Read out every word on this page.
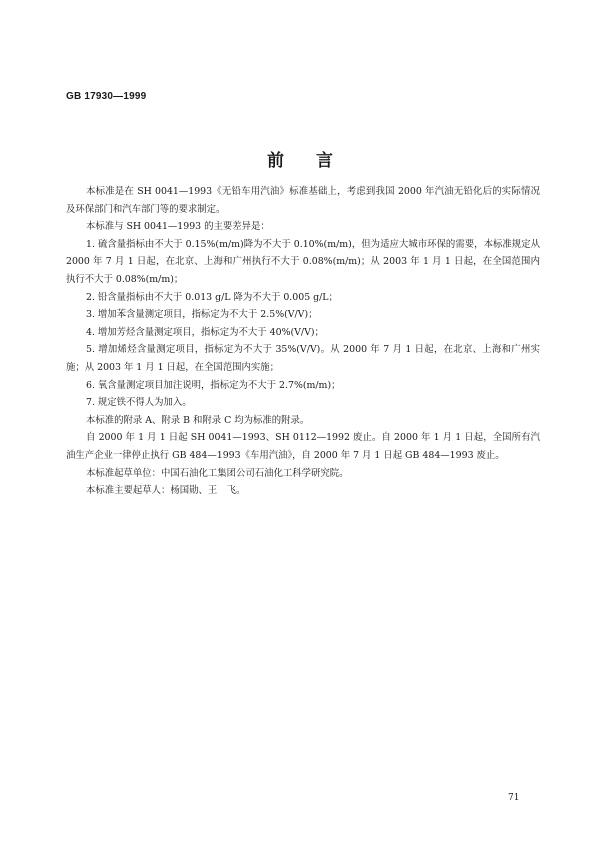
GB 17930—1999
前言

本标准是在 SH 0041—1993《无铅车用汽油》标准基础上，考虑到我国 2000 年汽油无铅化后的实际情况及环保部门和汽车部门等的要求制定。

本标准与 SH 0041—1993 的主要差异是：

1. 硫含量指标由不大于 0.15%(m/m)降为不大于 0.10%(m/m)，但为适应大城市环保的需要，本标准规定从 2000 年 7 月 1 日起，在北京、上海和广州执行不大于 0.08%(m/m)；从 2003 年 1 月 1 日起，在全国范围内执行不大于 0.08%(m/m)；

2. 铅含量指标由不大于 0.013 g/L 降为不大于 0.005 g/L；

3. 增加苯含量测定项目，指标定为不大于 2.5%(V/V)；

4. 增加芳烃含量测定项目，指标定为不大于 40%(V/V)；

5. 增加烯烃含量测定项目，指标定为不大于 35%(V/V)。从 2000 年 7 月 1 日起，在北京、上海和广州实施；从 2003 年 1 月 1 日起，在全国范围内实施；

6. 氧含量测定项目加注说明，指标定为不大于 2.7%(m/m)；

7. 规定铁不得人为加入。

本标准的附录 A、附录 B 和附录 C 均为标准的附录。

自 2000 年 1 月 1 日起 SH 0041—1993、SH 0112—1992 废止。自 2000 年 1 月 1 日起，全国所有汽油生产企业一律停止执行 GB 484—1993《车用汽油》，自 2000 年 7 月 1 日起 GB 484—1993 废止。

本标准起草单位：中国石油化工集团公司石油化工科学研究院。

本标准主要起草人：杨国勋、王　飞。

71
